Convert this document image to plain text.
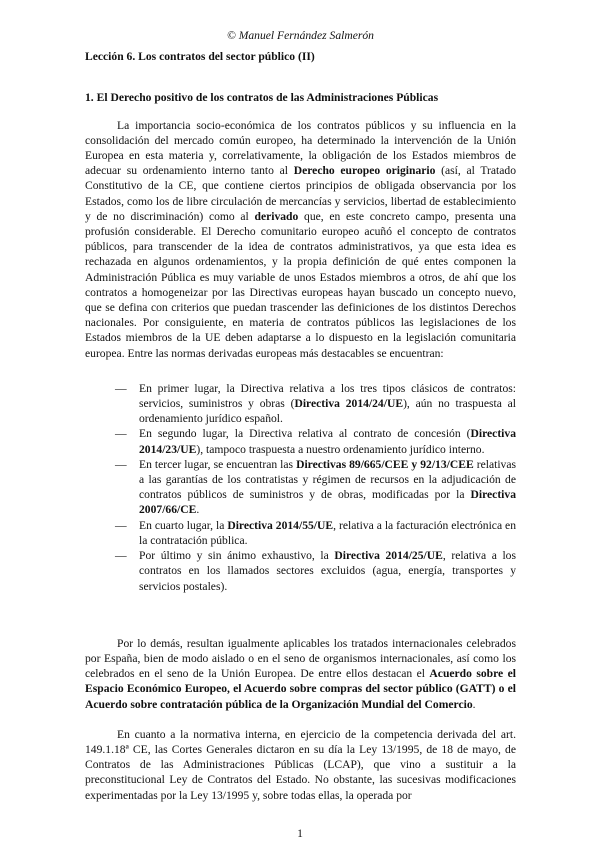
© Manuel Fernández Salmerón
Lección 6. Los contratos del sector público (II)
1. El Derecho positivo de los contratos de las Administraciones Públicas

La importancia socio-económica de los contratos públicos y su influencia en la consolidación del mercado común europeo, ha determinado la intervención de la Unión Europea en esta materia y, correlativamente, la obligación de los Estados miembros de adecuar su ordenamiento interno tanto al Derecho europeo originario (así, al Tratado Constitutivo de la CE, que contiene ciertos principios de obligada observancia por los Estados, como los de libre circulación de mercancías y servicios, libertad de establecimiento y de no discriminación) como al derivado que, en este concreto campo, presenta una profusión considerable. El Derecho comunitario europeo acuñó el concepto de contratos públicos, para transcender de la idea de contratos administrativos, ya que esta idea es rechazada en algunos ordenamientos, y la propia definición de qué entes componen la Administración Pública es muy variable de unos Estados miembros a otros, de ahí que los contratos a homogeneizar por las Directivas europeas hayan buscado un concepto nuevo, que se defina con criterios que puedan trascender las definiciones de los distintos Derechos nacionales. Por consiguiente, en materia de contratos públicos las legislaciones de los Estados miembros de la UE deben adaptarse a lo dispuesto en la legislación comunitaria europea. Entre las normas derivadas europeas más destacables se encuentran:

— En primer lugar, la Directiva relativa a los tres tipos clásicos de contratos: servicios, suministros y obras (Directiva 2014/24/UE), aún no traspuesta al ordenamiento jurídico español.
— En segundo lugar, la Directiva relativa al contrato de concesión (Directiva 2014/23/UE), tampoco traspuesta a nuestro ordenamiento jurídico interno.
— En tercer lugar, se encuentran las Directivas 89/665/CEE y 92/13/CEE relativas a las garantías de los contratistas y régimen de recursos en la adjudicación de contratos públicos de suministros y de obras, modificadas por la Directiva 2007/66/CE.
— En cuarto lugar, la Directiva 2014/55/UE, relativa a la facturación electrónica en la contratación pública.
— Por último y sin ánimo exhaustivo, la Directiva 2014/25/UE, relativa a los contratos en los llamados sectores excluidos (agua, energía, transportes y servicios postales).

Por lo demás, resultan igualmente aplicables los tratados internacionales celebrados por España, bien de modo aislado o en el seno de organismos internacionales, así como los celebrados en el seno de la Unión Europea. De entre ellos destacan el Acuerdo sobre el Espacio Económico Europeo, el Acuerdo sobre compras del sector público (GATT) o el Acuerdo sobre contratación pública de la Organización Mundial del Comercio.

En cuanto a la normativa interna, en ejercicio de la competencia derivada del art. 149.1.18ª CE, las Cortes Generales dictaron en su día la Ley 13/1995, de 18 de mayo, de Contratos de las Administraciones Públicas (LCAP), que vino a sustituir a la preconstitucional Ley de Contratos del Estado. No obstante, las sucesivas modificaciones experimentadas por la Ley 13/1995 y, sobre todas ellas, la operada por

1
